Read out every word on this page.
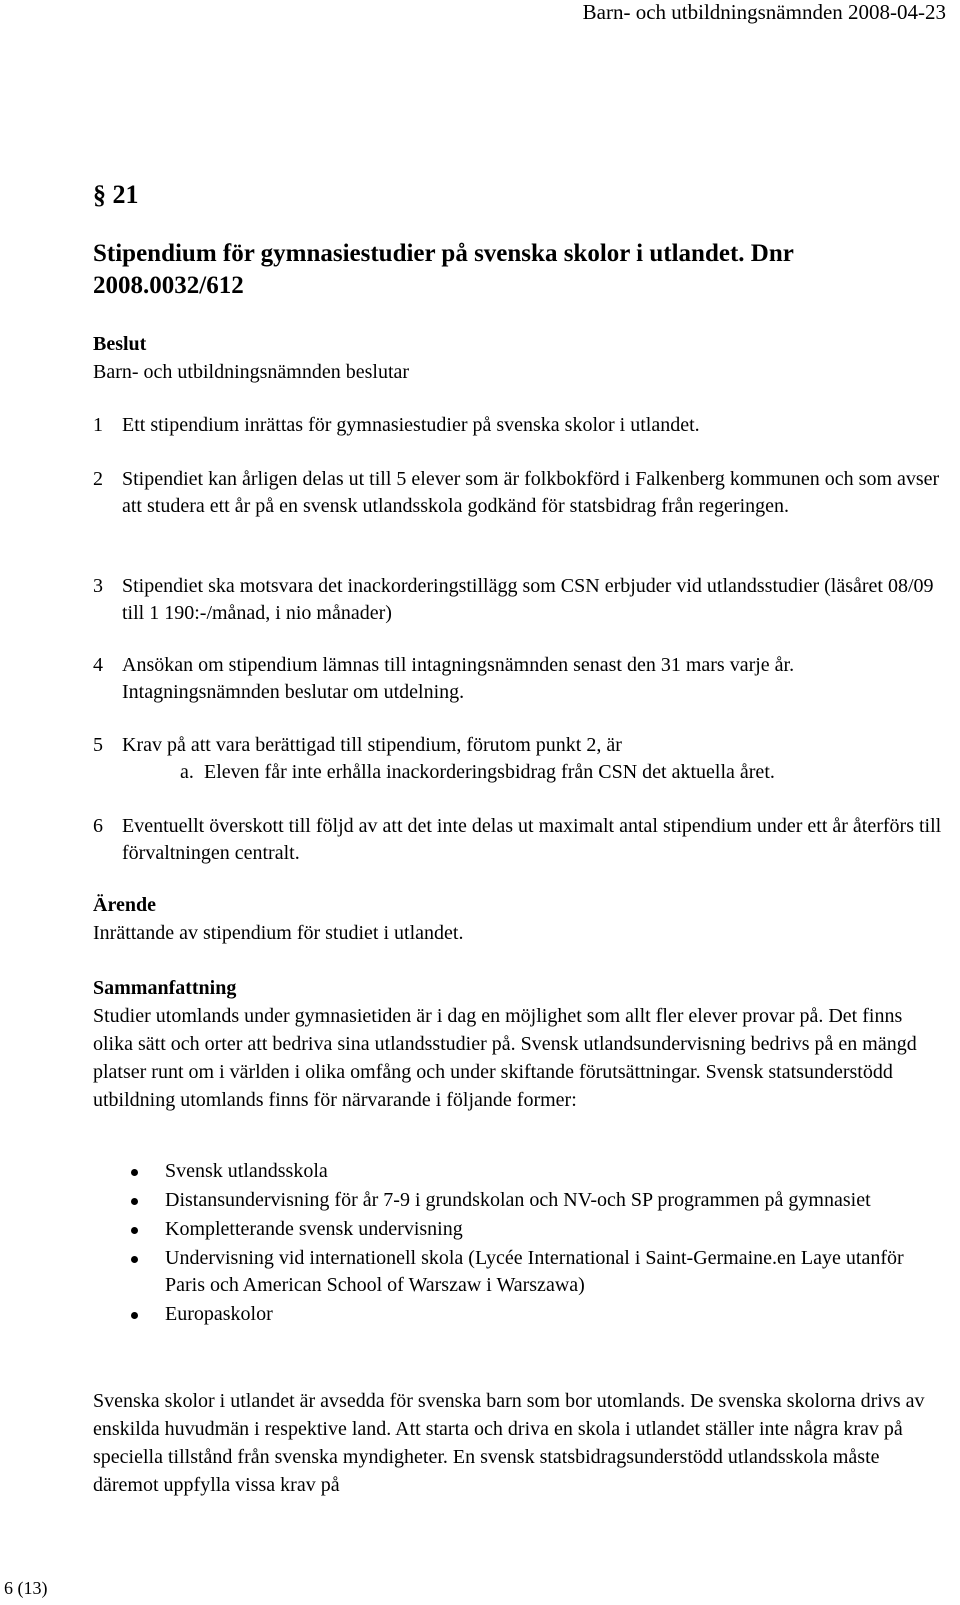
Barn- och utbildningsnämnden 2008-04-23
§ 21
Stipendium för gymnasiestudier på svenska skolor i utlandet. Dnr 2008.0032/612
Beslut
Barn- och utbildningsnämnden beslutar
1 Ett stipendium inrättas för gymnasiestudier på svenska skolor i utlandet.
2 Stipendiet kan årligen delas ut till 5 elever som är folkbokförd i Falkenberg kommunen och som avser att studera ett år på en svensk utlandsskola godkänd för statsbidrag från regeringen.
3 Stipendiet ska motsvara det inackorderingstillägg som CSN erbjuder vid utlandsstudier (läsåret 08/09 till 1 190:-/månad, i nio månader)
4 Ansökan om stipendium lämnas till intagningsnämnden senast den 31 mars varje år. Intagningsnämnden beslutar om utdelning.
5 Krav på att vara berättigad till stipendium, förutom punkt 2, är
a. Eleven får inte erhålla inackorderingsbidrag från CSN det aktuella året.
6 Eventuellt överskott till följd av att det inte delas ut maximalt antal stipendium under ett år återförs till förvaltningen centralt.
Ärende
Inrättande av stipendium för studiet i utlandet.
Sammanfattning
Studier utomlands under gymnasietiden är i dag en möjlighet som allt fler elever provar på. Det finns olika sätt och orter att bedriva sina utlandsstudier på. Svensk utlandsundervisning bedrivs på en mängd platser runt om i världen i olika omfång och under skiftande förutsättningar. Svensk statsunderstödd utbildning utomlands finns för närvarande i följande former:
Svensk utlandsskola
Distansundervisning för år 7-9 i grundskolan och NV-och SP programmen på gymnasiet
Kompletterande svensk undervisning
Undervisning vid internationell skola (Lycée International i Saint-Germaine.en Laye utanför Paris och American School of Warszaw i Warszawa)
Europaskolor
Svenska skolor i utlandet är avsedda för svenska barn som bor utomlands. De svenska skolorna drivs av enskilda huvudmän i respektive land. Att starta och driva en skola i utlandet ställer inte några krav på speciella tillstånd från svenska myndigheter. En svensk statsbidragsunderstödd utlandsskola måste däremot uppfylla vissa krav på
6 (13)
